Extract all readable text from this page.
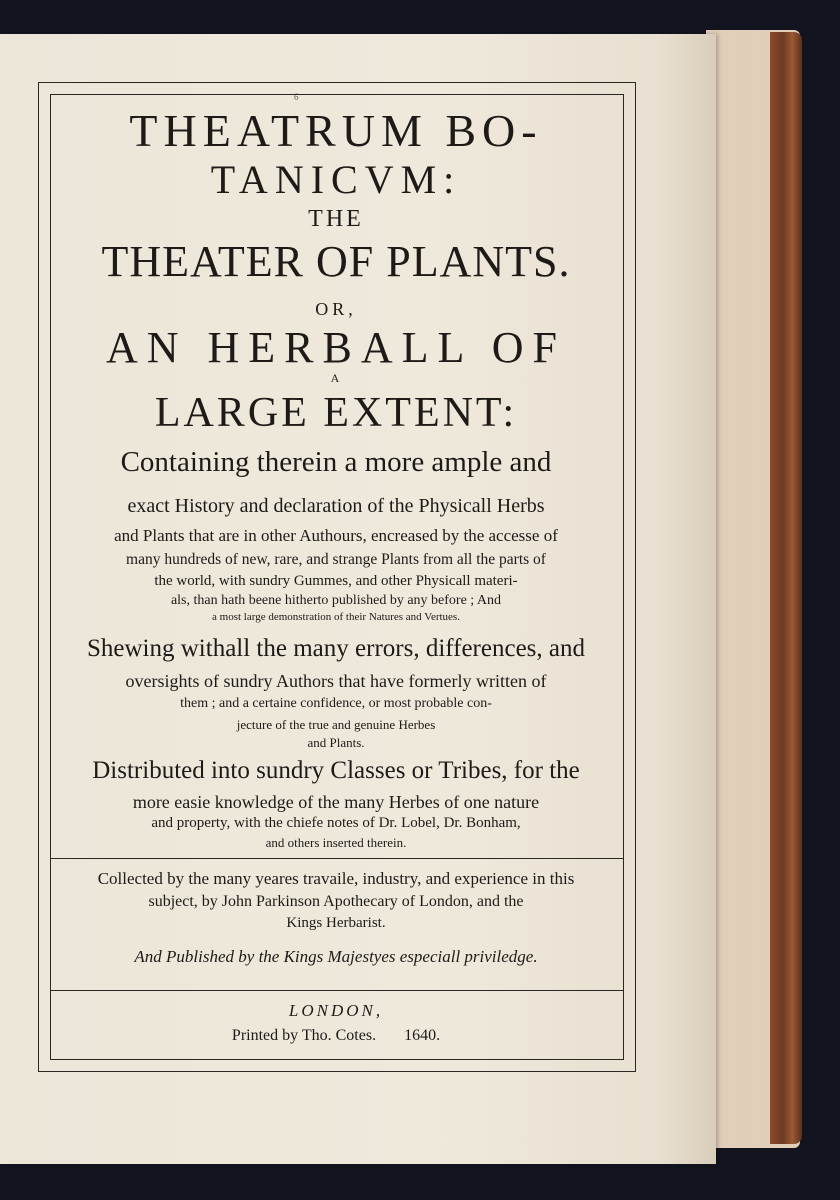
6
THEATRUM BO-
TANICVM:
THE
THEATER OF PLANTS.
OR,
AN HERBALL OF
A
LARGE EXTENT:
Containing therein a more ample and
exact History and declaration of the Physicall Herbs
and Plants that are in other Authours, encreased by the accesse of
many hundreds of new, rare, and strange Plants from all the parts of
the world, with sundry Gummes, and other Physicall materi-
als, than hath beene hitherto published by any before ; And
a most large demonstration of their Natures and Vertues.
Shewing withall the many errors, differences, and
oversights of sundry Authors that have formerly written of
them ; and a certaine confidence, or most probable con-
jecture of the true and genuine Herbes
and Plants.
Distributed into sundry Classes or Tribes, for the
more easie knowledge of the many Herbes of one nature
and property, with the chiefe notes of Dr. Lobel, Dr. Bonham,
and others inserted therein.
Collected by the many yeares travaile, industry, and experience in this
subject, by John Parkinson Apothecary of London, and the
Kings Herbarist.
And Published by the Kings Majestyes especiall priviledge.
LONDON,
Printed by Tho. Cotes. 1640.
